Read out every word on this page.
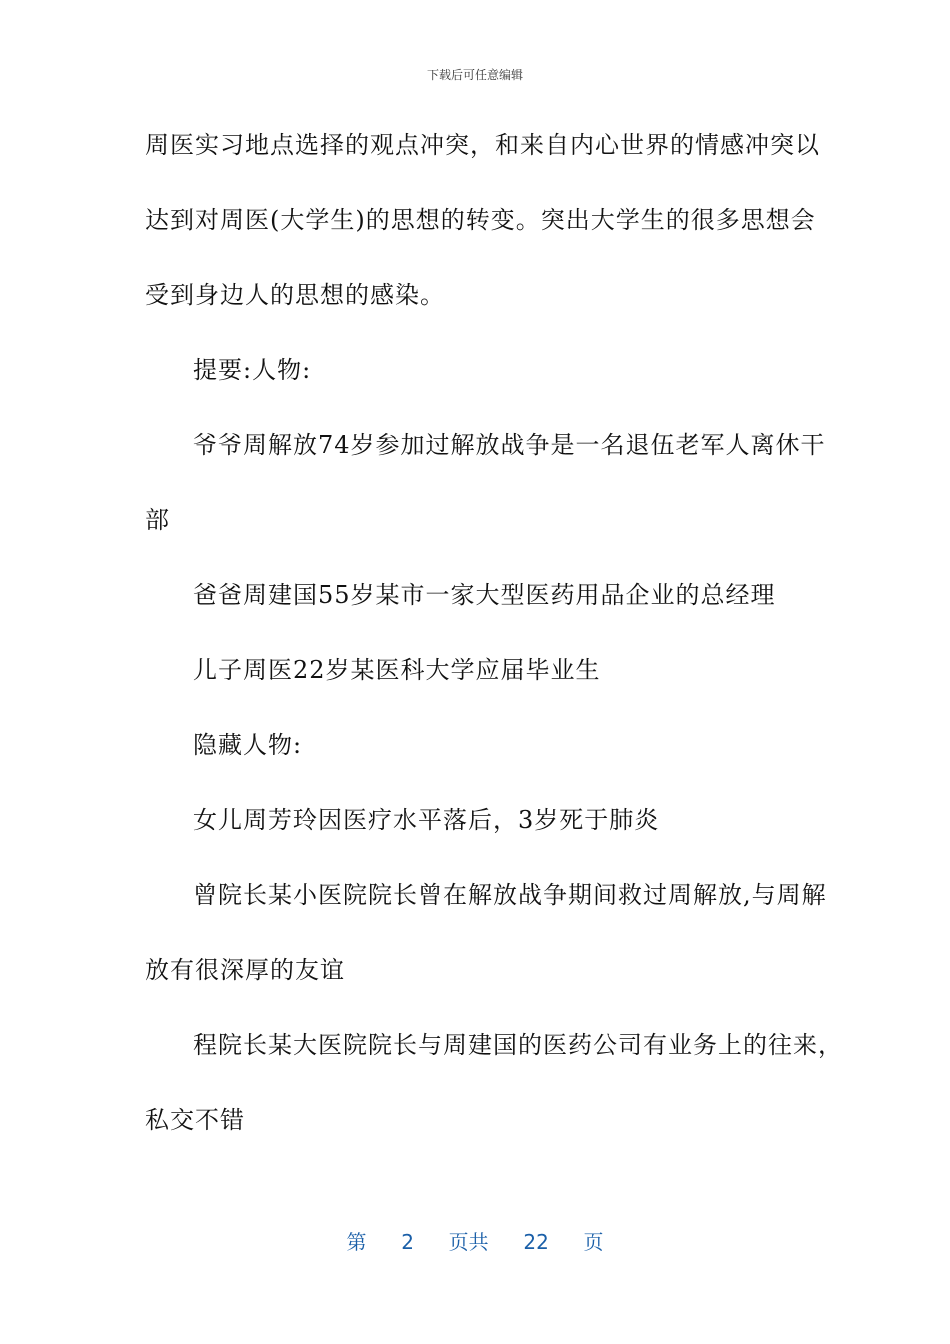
下载后可任意编辑
周医实习地点选择的观点冲突，和来自内心世界的情感冲突以
达到对周医(大学生)的思想的转变。突出大学生的很多思想会
受到身边人的思想的感染。
提要:人物:
爷爷周解放74岁参加过解放战争是一名退伍老军人离休干
部
爸爸周建国55岁某市一家大型医药用品企业的总经理
儿子周医22岁某医科大学应届毕业生
隐藏人物:
女儿周芳玲因医疗水平落后，3岁死于肺炎
曾院长某小医院院长曾在解放战争期间救过周解放,与周解
放有很深厚的友谊
程院长某大医院院长与周建国的医药公司有业务上的往来，
私交不错
第 2 页共 22 页
